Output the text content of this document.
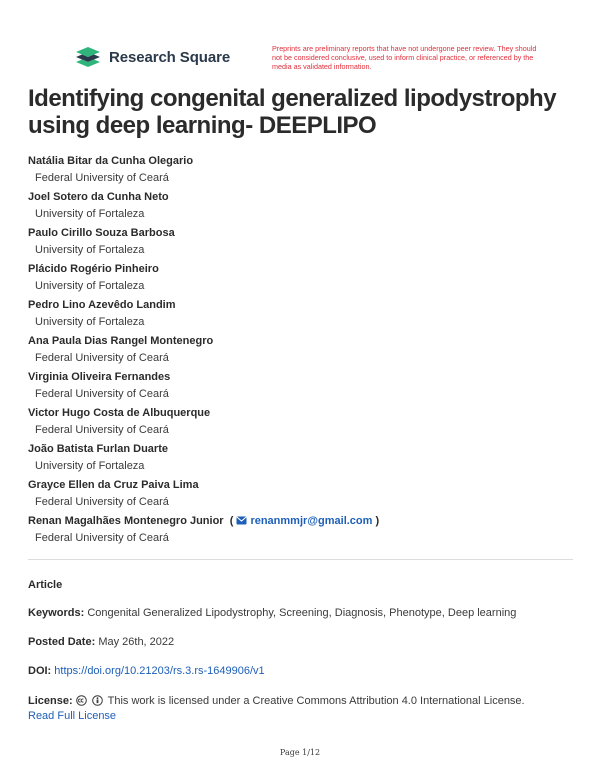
Research Square	Preprints are preliminary reports that have not undergone peer review. They should not be considered conclusive, used to inform clinical practice, or referenced by the media as validated information.
Identifying congenital generalized lipodystrophy using deep learning- DEEPLIPO
Natália Bitar da Cunha Olegario
Federal University of Ceará
Joel Sotero da Cunha Neto
University of Fortaleza
Paulo Cirillo Souza Barbosa
University of Fortaleza
Plácido Rogério Pinheiro
University of Fortaleza
Pedro Lino Azevêdo Landim
University of Fortaleza
Ana Paula Dias Rangel Montenegro
Federal University of Ceará
Virginia Oliveira Fernandes
Federal University of Ceará
Victor Hugo Costa de Albuquerque
Federal University of Ceará
João Batista Furlan Duarte
University of Fortaleza
Grayce Ellen da Cruz Paiva Lima
Federal University of Ceará
Renan Magalhães Montenegro Junior  ( renanmmjr@gmail.com )
Federal University of Ceará
Article
Keywords: Congenital Generalized Lipodystrophy, Screening, Diagnosis, Phenotype, Deep learning
Posted Date: May 26th, 2022
DOI: https://doi.org/10.21203/rs.3.rs-1649906/v1
License:	This work is licensed under a Creative Commons Attribution 4.0 International License.
Read Full License
Page 1/12
